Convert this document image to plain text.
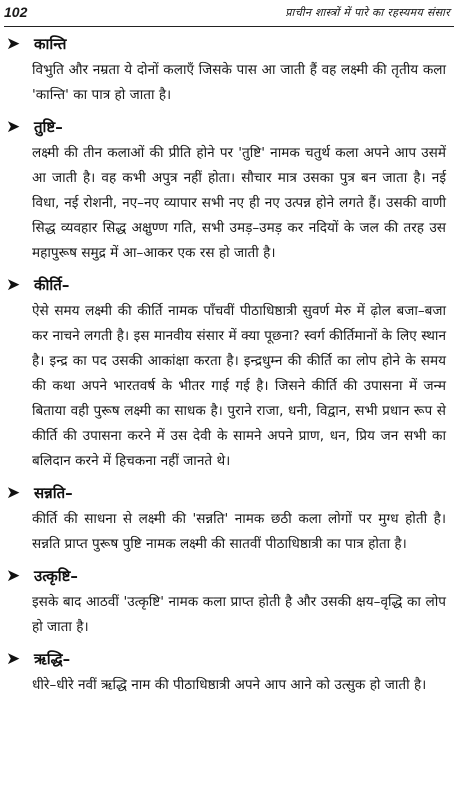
102	प्राचीन शास्त्रों में पारे का रहस्यमय संसार
➤ कान्ति

विभुति और नम्रता ये दोनों कलाएँ जिसके पास आ जाती हैं वह लक्ष्मी की तृतीय कला 'कान्ति' का पात्र हो जाता है।

➤ तुष्टि–

लक्ष्मी की तीन कलाओं की प्रीति होने पर 'तुष्टि' नामक चतुर्थ कला अपने आप उसमें आ जाती है। वह कभी अपुत्र नहीं होता। सौचार मात्र उसका पुत्र बन जाता है। नई विधा, नई रोशनी, नए–नए व्यापार सभी नए ही नए उत्पन्न होने लगते हैं। उसकी वाणी सिद्ध व्यवहार सिद्ध अक्षुण्ण गति, सभी उमड़–उमड़ कर नदियों के जल की तरह उस महापुरूष समुद्र में आ–आकर एक रस हो जाती है।

➤ कीर्ति–

ऐसे समय लक्ष्मी की कीर्ति नामक पाँचवीं पीठाधिष्ठात्री सुवर्ण मेरु में ढ़ोल बजा–बजा कर नाचने लगती है। इस मानवीय संसार में क्या पूछना? स्वर्ग कीर्तिमानों के लिए स्थान है। इन्द्र का पद उसकी आकांक्षा करता है। इन्द्रधुम्न की कीर्ति का लोप होने के समय की कथा अपने भारतवर्ष के भीतर गाई गई है। जिसने कीर्ति की उपासना में जन्म बिताया वही पुरूष लक्ष्मी का साधक है। पुराने राजा, धनी, विद्वान, सभी प्रधान रूप से कीर्ति की उपासना करने में उस देवी के सामने अपने प्राण, धन, प्रिय जन सभी का बलिदान करने में हिचकना नहीं जानते थे।

➤ सन्नति–

कीर्ति की साधना से लक्ष्मी की 'सन्नति' नामक छठी कला लोगों पर मुग्ध होती है। सन्नति प्राप्त पुरूष पुष्टि नामक लक्ष्मी की सातवीं पीठाधिष्ठात्री का पात्र होता है।

➤ उत्कृष्टि–

इसके बाद आठवीं 'उत्कृष्टि' नामक कला प्राप्त होती है और उसकी क्षय–वृद्धि का लोप हो जाता है।

➤ ऋद्धि–

धीरे–धीरे नवीं ऋद्धि नाम की पीठाधिष्ठात्री अपने आप आने को उत्सुक हो जाती है।
